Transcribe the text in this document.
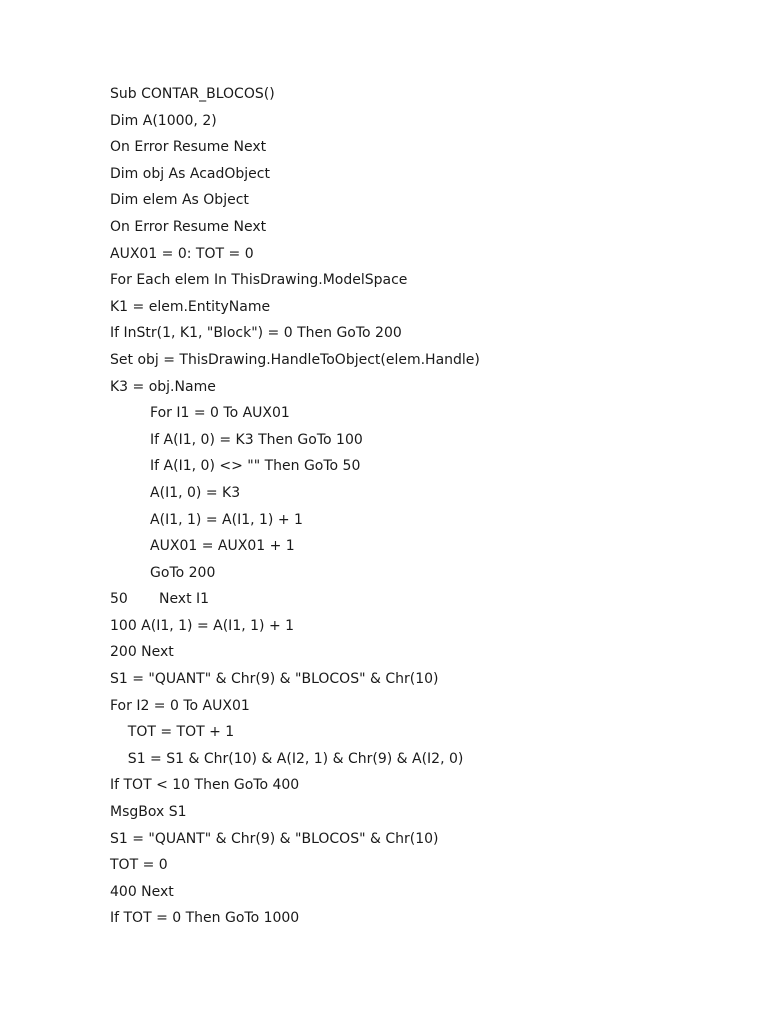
Sub CONTAR_BLOCOS()
Dim A(1000, 2)
On Error Resume Next
Dim obj As AcadObject
Dim elem As Object
On Error Resume Next
AUX01 = 0: TOT = 0
For Each elem In ThisDrawing.ModelSpace
K1 = elem.EntityName
If InStr(1, K1, "Block") = 0 Then GoTo 200
Set obj = ThisDrawing.HandleToObject(elem.Handle)
K3 = obj.Name
For I1 = 0 To AUX01
If A(I1, 0) = K3 Then GoTo 100
If A(I1, 0) <> "" Then GoTo 50
A(I1, 0) = K3
A(I1, 1) = A(I1, 1) + 1
AUX01 = AUX01 + 1
GoTo 200
50       Next I1
100 A(I1, 1) = A(I1, 1) + 1
200 Next
S1 = "QUANT" & Chr(9) & "BLOCOS" & Chr(10)
For I2 = 0 To AUX01
TOT = TOT + 1
S1 = S1 & Chr(10) & A(I2, 1) & Chr(9) & A(I2, 0)
If TOT < 10 Then GoTo 400
MsgBox S1
S1 = "QUANT" & Chr(9) & "BLOCOS" & Chr(10)
TOT = 0
400 Next
If TOT = 0 Then GoTo 1000
